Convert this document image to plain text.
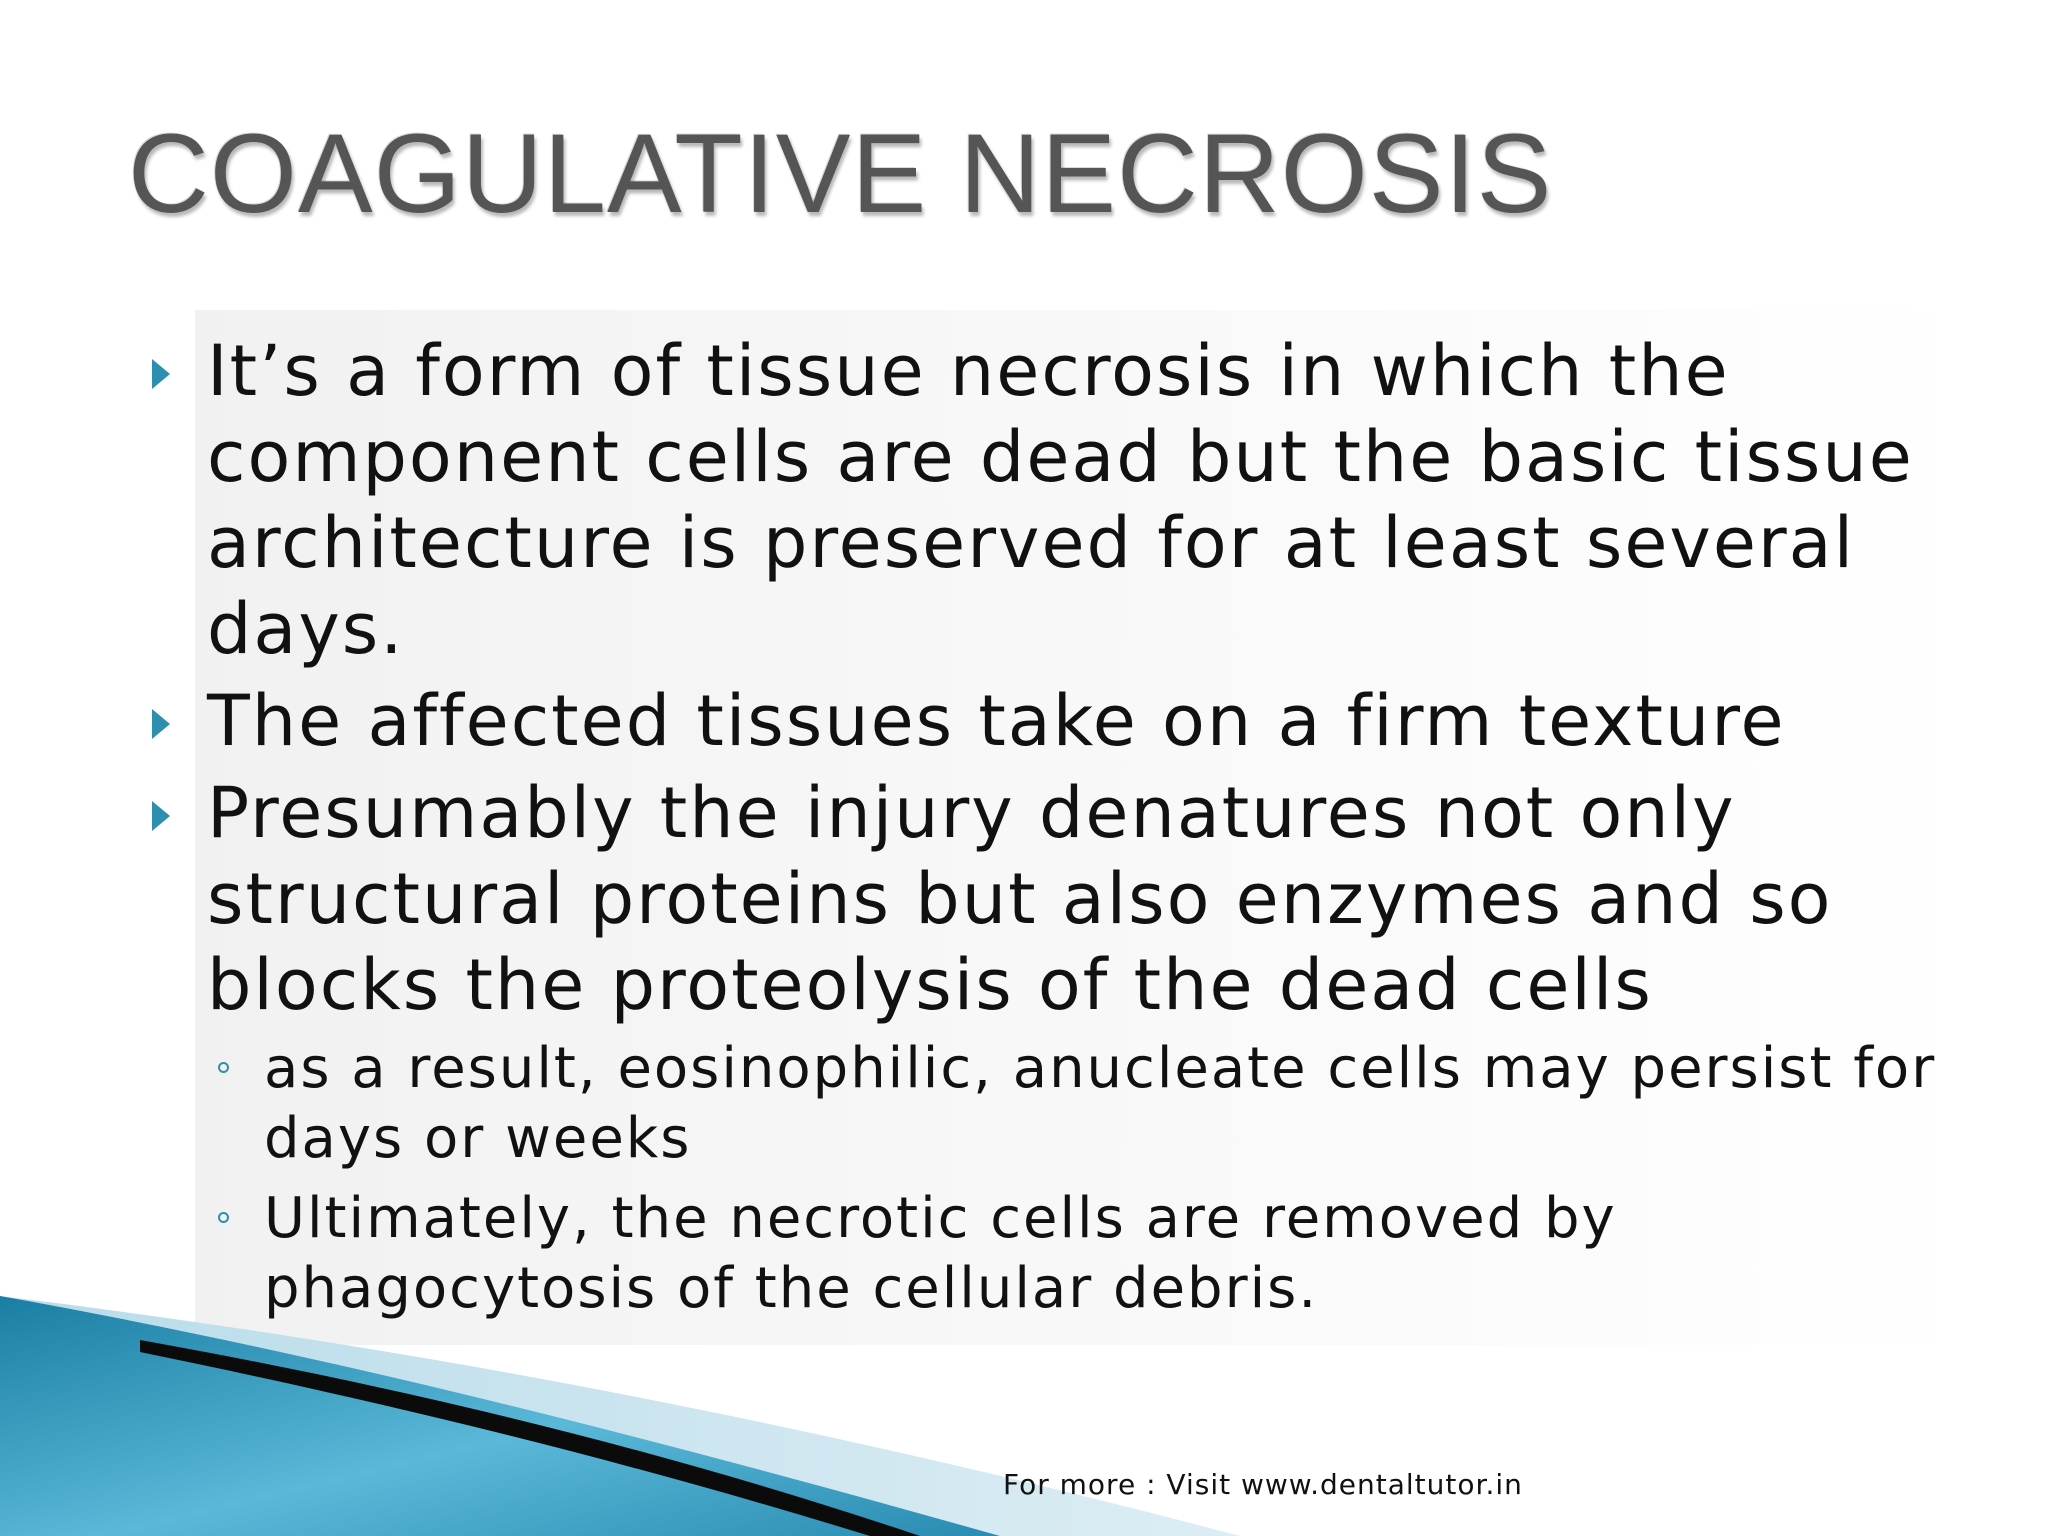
COAGULATIVE NECROSIS
It’s a form of tissue necrosis in which the component cells are dead but the basic tissue architecture is preserved for at least several days.
The affected tissues take on a firm texture
Presumably the injury denatures not only structural proteins but also enzymes and so blocks the proteolysis of the dead cells
as a result, eosinophilic, anucleate cells may persist for days or weeks
Ultimately, the necrotic cells are removed by phagocytosis of the cellular debris.
For more : Visit www.dentaltutor.in
